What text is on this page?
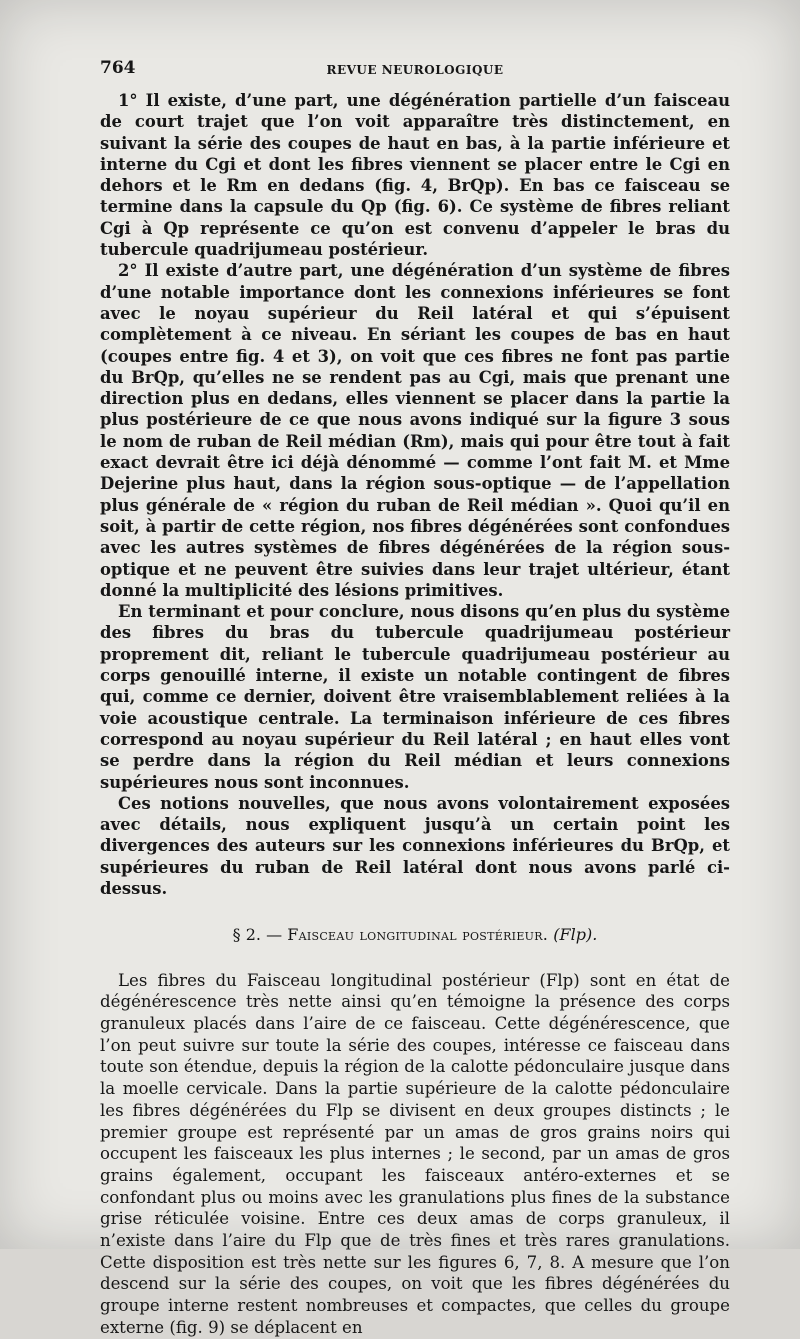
764	REVUE NEUROLOGIQUE

1° Il existe, d’une part, une dégénération partielle d’un faisceau de court trajet que l’on voit apparaître très distinctement, en suivant la série des coupes de haut en bas, à la partie inférieure et interne du Cgi et dont les fibres viennent se placer entre le Cgi en dehors et le Rm en dedans (fig. 4, BrQp). En bas ce faisceau se termine dans la capsule du Qp (fig. 6). Ce système de fibres reliant Cgi à Qp représente ce qu’on est convenu d’appeler le bras du tubercule quadrijumeau postérieur.

2° Il existe d’autre part, une dégénération d’un système de fibres d’une notable importance dont les connexions inférieures se font avec le noyau supérieur du Reil latéral et qui s’épuisent complètement à ce niveau. En sériant les coupes de bas en haut (coupes entre fig. 4 et 3), on voit que ces fibres ne font pas partie du BrQp, qu’elles ne se rendent pas au Cgi, mais que prenant une direction plus en dedans, elles viennent se placer dans la partie la plus postérieure de ce que nous avons indiqué sur la figure 3 sous le nom de ruban de Reil médian (Rm), mais qui pour être tout à fait exact devrait être ici déjà dénommé — comme l’ont fait M. et Mme Dejerine plus haut, dans la région sous-optique — de l’appellation plus générale de « région du ruban de Reil médian ». Quoi qu’il en soit, à partir de cette région, nos fibres dégénérées sont confondues avec les autres systèmes de fibres dégénérées de la région sous-optique et ne peuvent être suivies dans leur trajet ultérieur, étant donné la multiplicité des lésions primitives.

En terminant et pour conclure, nous disons qu’en plus du système des fibres du bras du tubercule quadrijumeau postérieur proprement dit, reliant le tubercule quadrijumeau postérieur au corps genouillé interne, il existe un notable contingent de fibres qui, comme ce dernier, doivent être vraisemblablement reliées à la voie acoustique centrale. La terminaison inférieure de ces fibres correspond au noyau supérieur du Reil latéral ; en haut elles vont se perdre dans la région du Reil médian et leurs connexions supérieures nous sont inconnues.

Ces notions nouvelles, que nous avons volontairement exposées avec détails, nous expliquent jusqu’à un certain point les divergences des auteurs sur les connexions inférieures du BrQp, et supérieures du ruban de Reil latéral dont nous avons parlé ci-dessus.

§ 2. — Faisceau longitudinal postérieur. (Flp).

Les fibres du Faisceau longitudinal postérieur (Flp) sont en état de dégénérescence très nette ainsi qu’en témoigne la présence des corps granuleux placés dans l’aire de ce faisceau. Cette dégénérescence, que l’on peut suivre sur toute la série des coupes, intéresse ce faisceau dans toute son étendue, depuis la région de la calotte pédonculaire jusque dans la moelle cervicale. Dans la partie supérieure de la calotte pédonculaire les fibres dégénérées du Flp se divisent en deux groupes distincts ; le premier groupe est représenté par un amas de gros grains noirs qui occupent les faisceaux les plus internes ; le second, par un amas de gros grains également, occupant les faisceaux antéro-externes et se confondant plus ou moins avec les granulations plus fines de la substance grise réticulée voisine. Entre ces deux amas de corps granuleux, il n’existe dans l’aire du Flp que de très fines et très rares granulations. Cette disposition est très nette sur les figures 6, 7, 8. A mesure que l’on descend sur la série des coupes, on voit que les fibres dégénérées du groupe interne restent nombreuses et compactes, que celles du groupe externe (fig. 9) se déplacent en
